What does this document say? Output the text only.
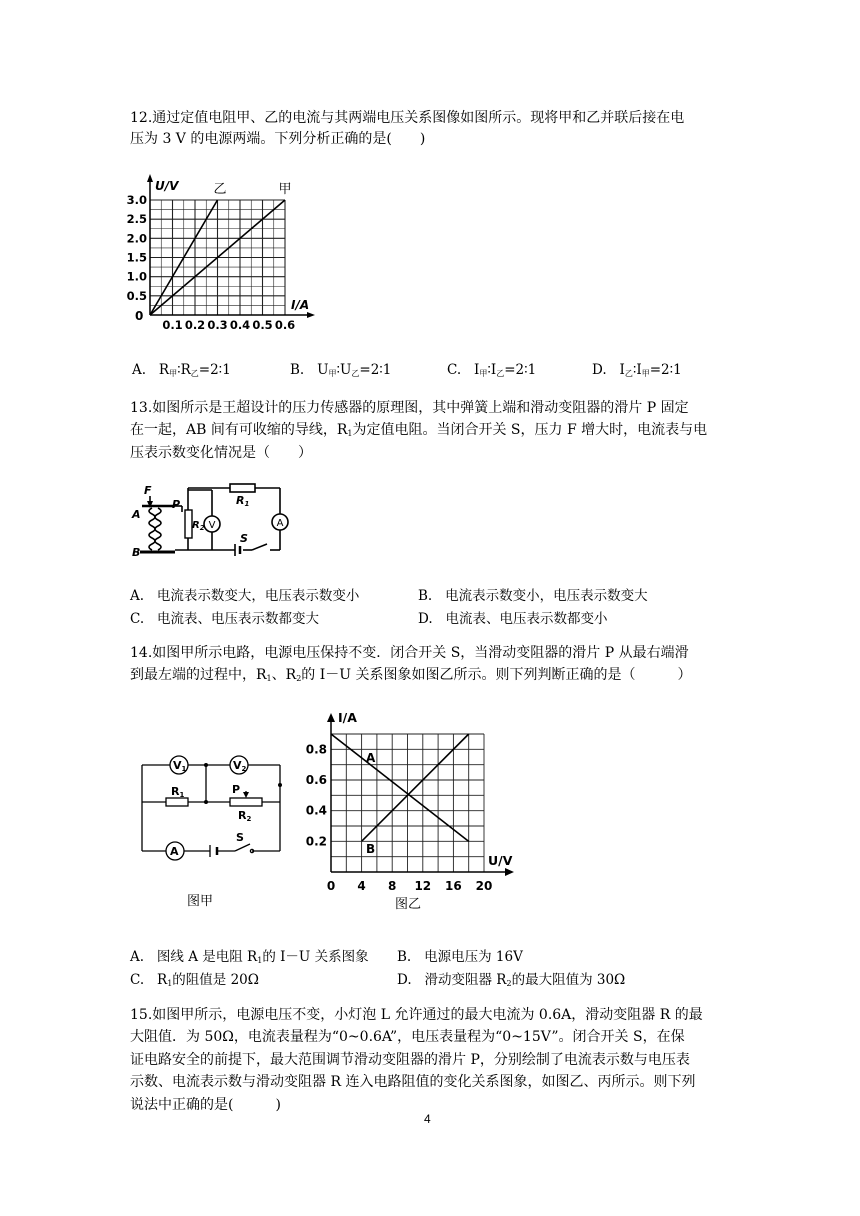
12.通过定值电阻甲、乙的电流与其两端电压关系图像如图所示。现将甲和乙并联后接在电
压为 3 V 的电源两端。下列分析正确的是(　　)
U/V
I/A
0
0.5
1.0
1.5
2.0
2.5
3.0
0.1 0.2 0.3 0.4 0.5 0.6
乙	甲
A. $R_甲∶R_乙=2∶1$	B. $U_甲∶U_乙=2∶1$	C. $I_甲∶I_乙=2∶1$	D. $I_乙∶I_甲=2∶1$
13.如图所示是王超设计的压力传感器的原理图，其中弹簧上端和滑动变阻器的滑片 P 固定
在一起，AB 间有可收缩的导线，$R_1$为定值电阻。当闭合开关 S，压力 F 增大时，电流表与电
压表示数变化情况是（　　）
F
P
A
B
R1
$R_2$
S
V	A
A. 电流表示数变大，电压表示数变小	B. 电流表示数变小，电压表示数变大
C. 电流表、电压表示数都变大	D. 电流表、电压表示数都变小
14.如图甲所示电路，电源电压保持不变．闭合开关 S，当滑动变阻器的滑片 P 从最右端滑
到最左端的过程中，$R_1$、$R_2$的 I－U 关系图象如图乙所示。则下列判断正确的是（　　　）
V1	V2
R1
R2
P
A
S
图甲
I/A
U/V
0.2
0.4
0.6
0.8
0 4 8 12 16 20
A
B
图乙
A. 图线 A 是电阻 $R_1$的 I－U 关系图象 B. 电源电压为 16V
C. $R_1$的阻值是 20Ω	D. 滑动变阻器 $R_2$的最大阻值为 30Ω
15.如图甲所示，电源电压不变，小灯泡 L 允许通过的最大电流为 0.6A，滑动变阻器 R 的最
大阻值．为 50Ω，电流表量程为“0~0.6A”，电压表量程为“0~15V”。闭合开关 S，在保
证电路安全的前提下，最大范围调节滑动变阻器的滑片 P，分别绘制了电流表示数与电压表
示数、电流表示数与滑动变阻器 R 连入电路阻值的变化关系图象，如图乙、丙所示。则下列
说法中正确的是(　　　)
4
